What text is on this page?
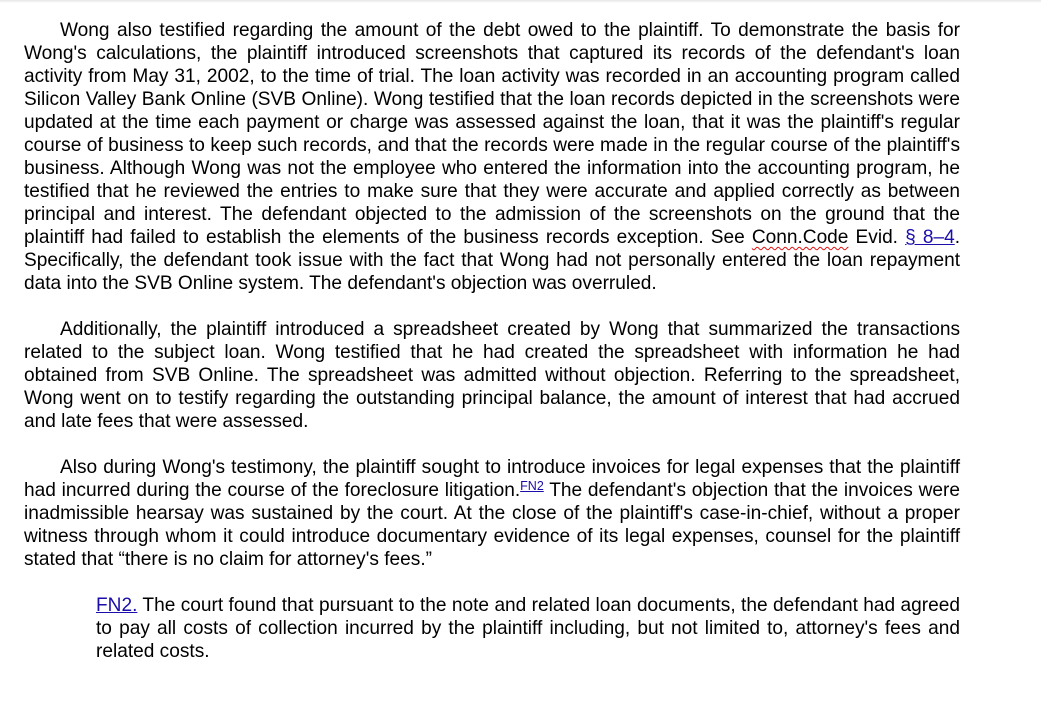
Wong also testified regarding the amount of the debt owed to the plaintiff. To demonstrate the basis for Wong's calculations, the plaintiff introduced screenshots that captured its records of the defendant's loan activity from May 31, 2002, to the time of trial. The loan activity was recorded in an accounting program called Silicon Valley Bank Online (SVB Online). Wong testified that the loan records depicted in the screenshots were updated at the time each payment or charge was assessed against the loan, that it was the plaintiff's regular course of business to keep such records, and that the records were made in the regular course of the plaintiff's business. Although Wong was not the employee who entered the information into the accounting program, he testified that he reviewed the entries to make sure that they were accurate and applied correctly as between principal and interest. The defendant objected to the admission of the screenshots on the ground that the plaintiff had failed to establish the elements of the business records exception. See Conn.Code Evid. § 8–4. Specifically, the defendant took issue with the fact that Wong had not personally entered the loan repayment data into the SVB Online system. The defendant's objection was overruled.

Additionally, the plaintiff introduced a spreadsheet created by Wong that summarized the transactions related to the subject loan. Wong testified that he had created the spreadsheet with information he had obtained from SVB Online. The spreadsheet was admitted without objection. Referring to the spreadsheet, Wong went on to testify regarding the outstanding principal balance, the amount of interest that had accrued and late fees that were assessed.

Also during Wong's testimony, the plaintiff sought to introduce invoices for legal expenses that the plaintiff had incurred during the course of the foreclosure litigation.$^{FN2}$ The defendant's objection that the invoices were inadmissible hearsay was sustained by the court. At the close of the plaintiff's case-in-chief, without a proper witness through whom it could introduce documentary evidence of its legal expenses, counsel for the plaintiff stated that “there is no claim for attorney's fees.”

FN2. The court found that pursuant to the note and related loan documents, the defendant had agreed to pay all costs of collection incurred by the plaintiff including, but not limited to, attorney's fees and related costs.
